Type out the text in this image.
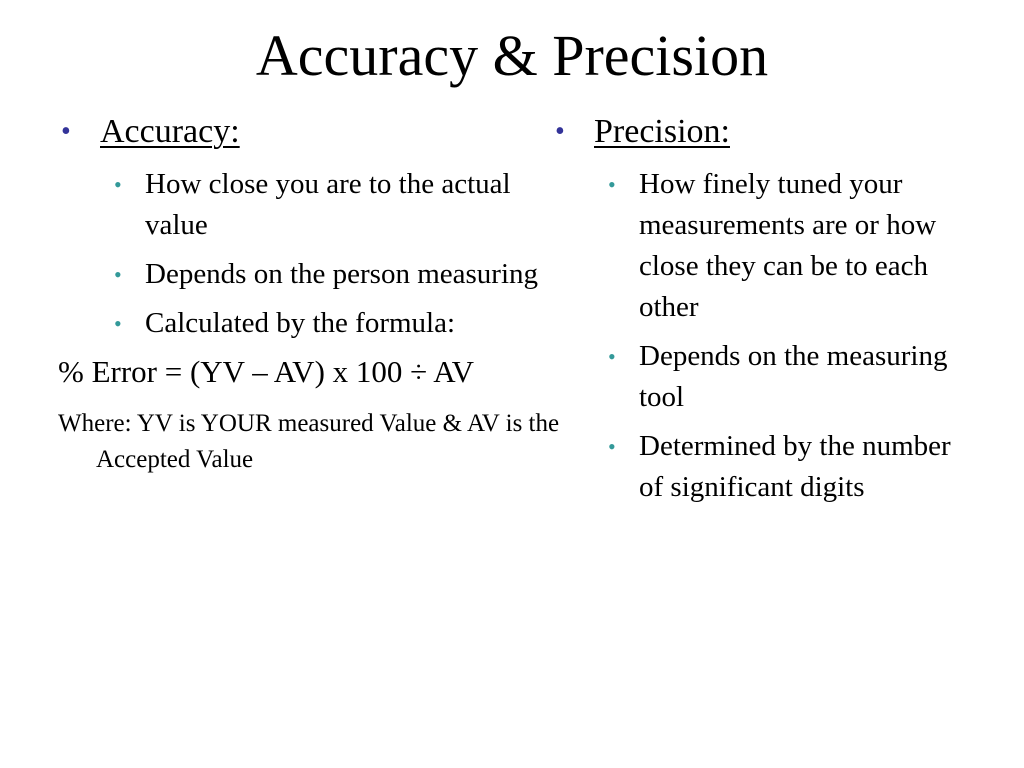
Accuracy & Precision
• Accuracy:
• How close you are to the actual value
• Depends on the person measuring
• Calculated by the formula:
% Error = (YV – AV) x 100 ÷ AV
Where: YV is YOUR measured Value & AV is the Accepted Value
• Precision:
• How finely tuned your measurements are or how close they can be to each other
• Depends on the measuring tool
• Determined by the number of significant digits
